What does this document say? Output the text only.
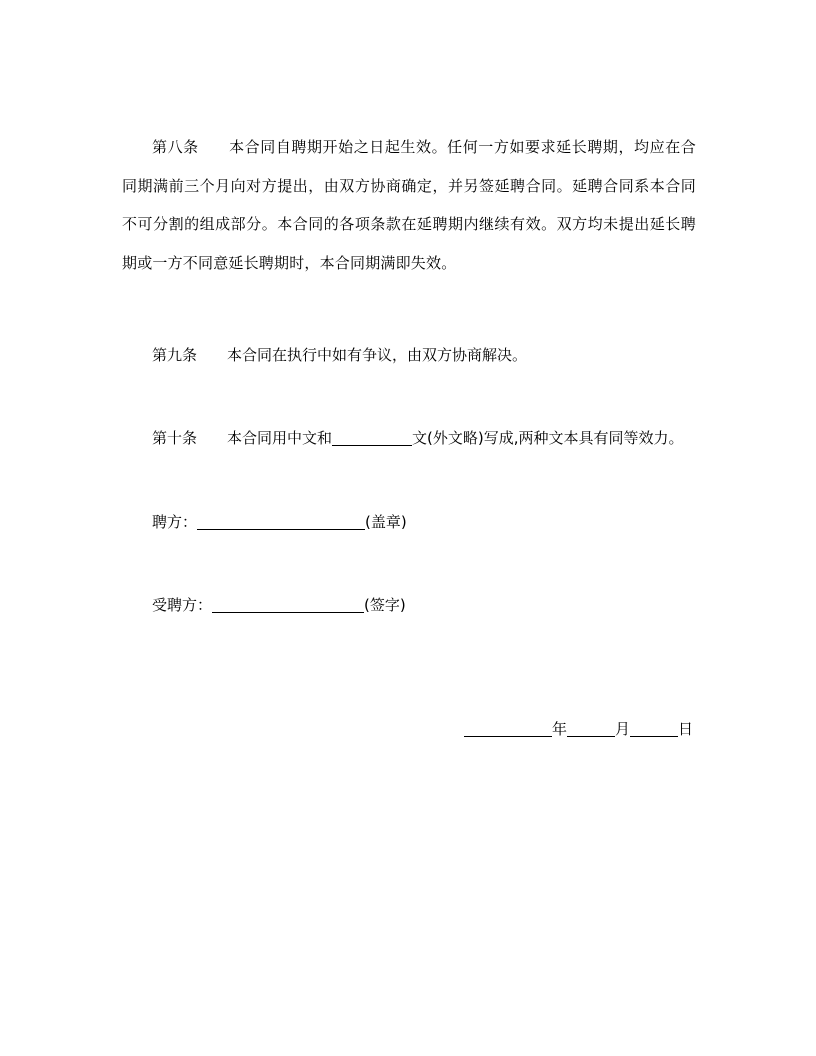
第八条 本合同自聘期开始之日起生效。任何一方如要求延长聘期，均应在合同期满前三个月向对方提出，由双方协商确定，并另签延聘合同。延聘合同系本合同不可分割的组成部分。本合同的各项条款在延聘期内继续有效。双方均未提出延长聘期或一方不同意延长聘期时，本合同期满即失效。

第九条 本合同在执行中如有争议，由双方协商解决。

第十条 本合同用中文和	文(外文略)写成,两种文本具有同等效力。

聘方：	(盖章)

受聘方：	(签字)

年	月	日
